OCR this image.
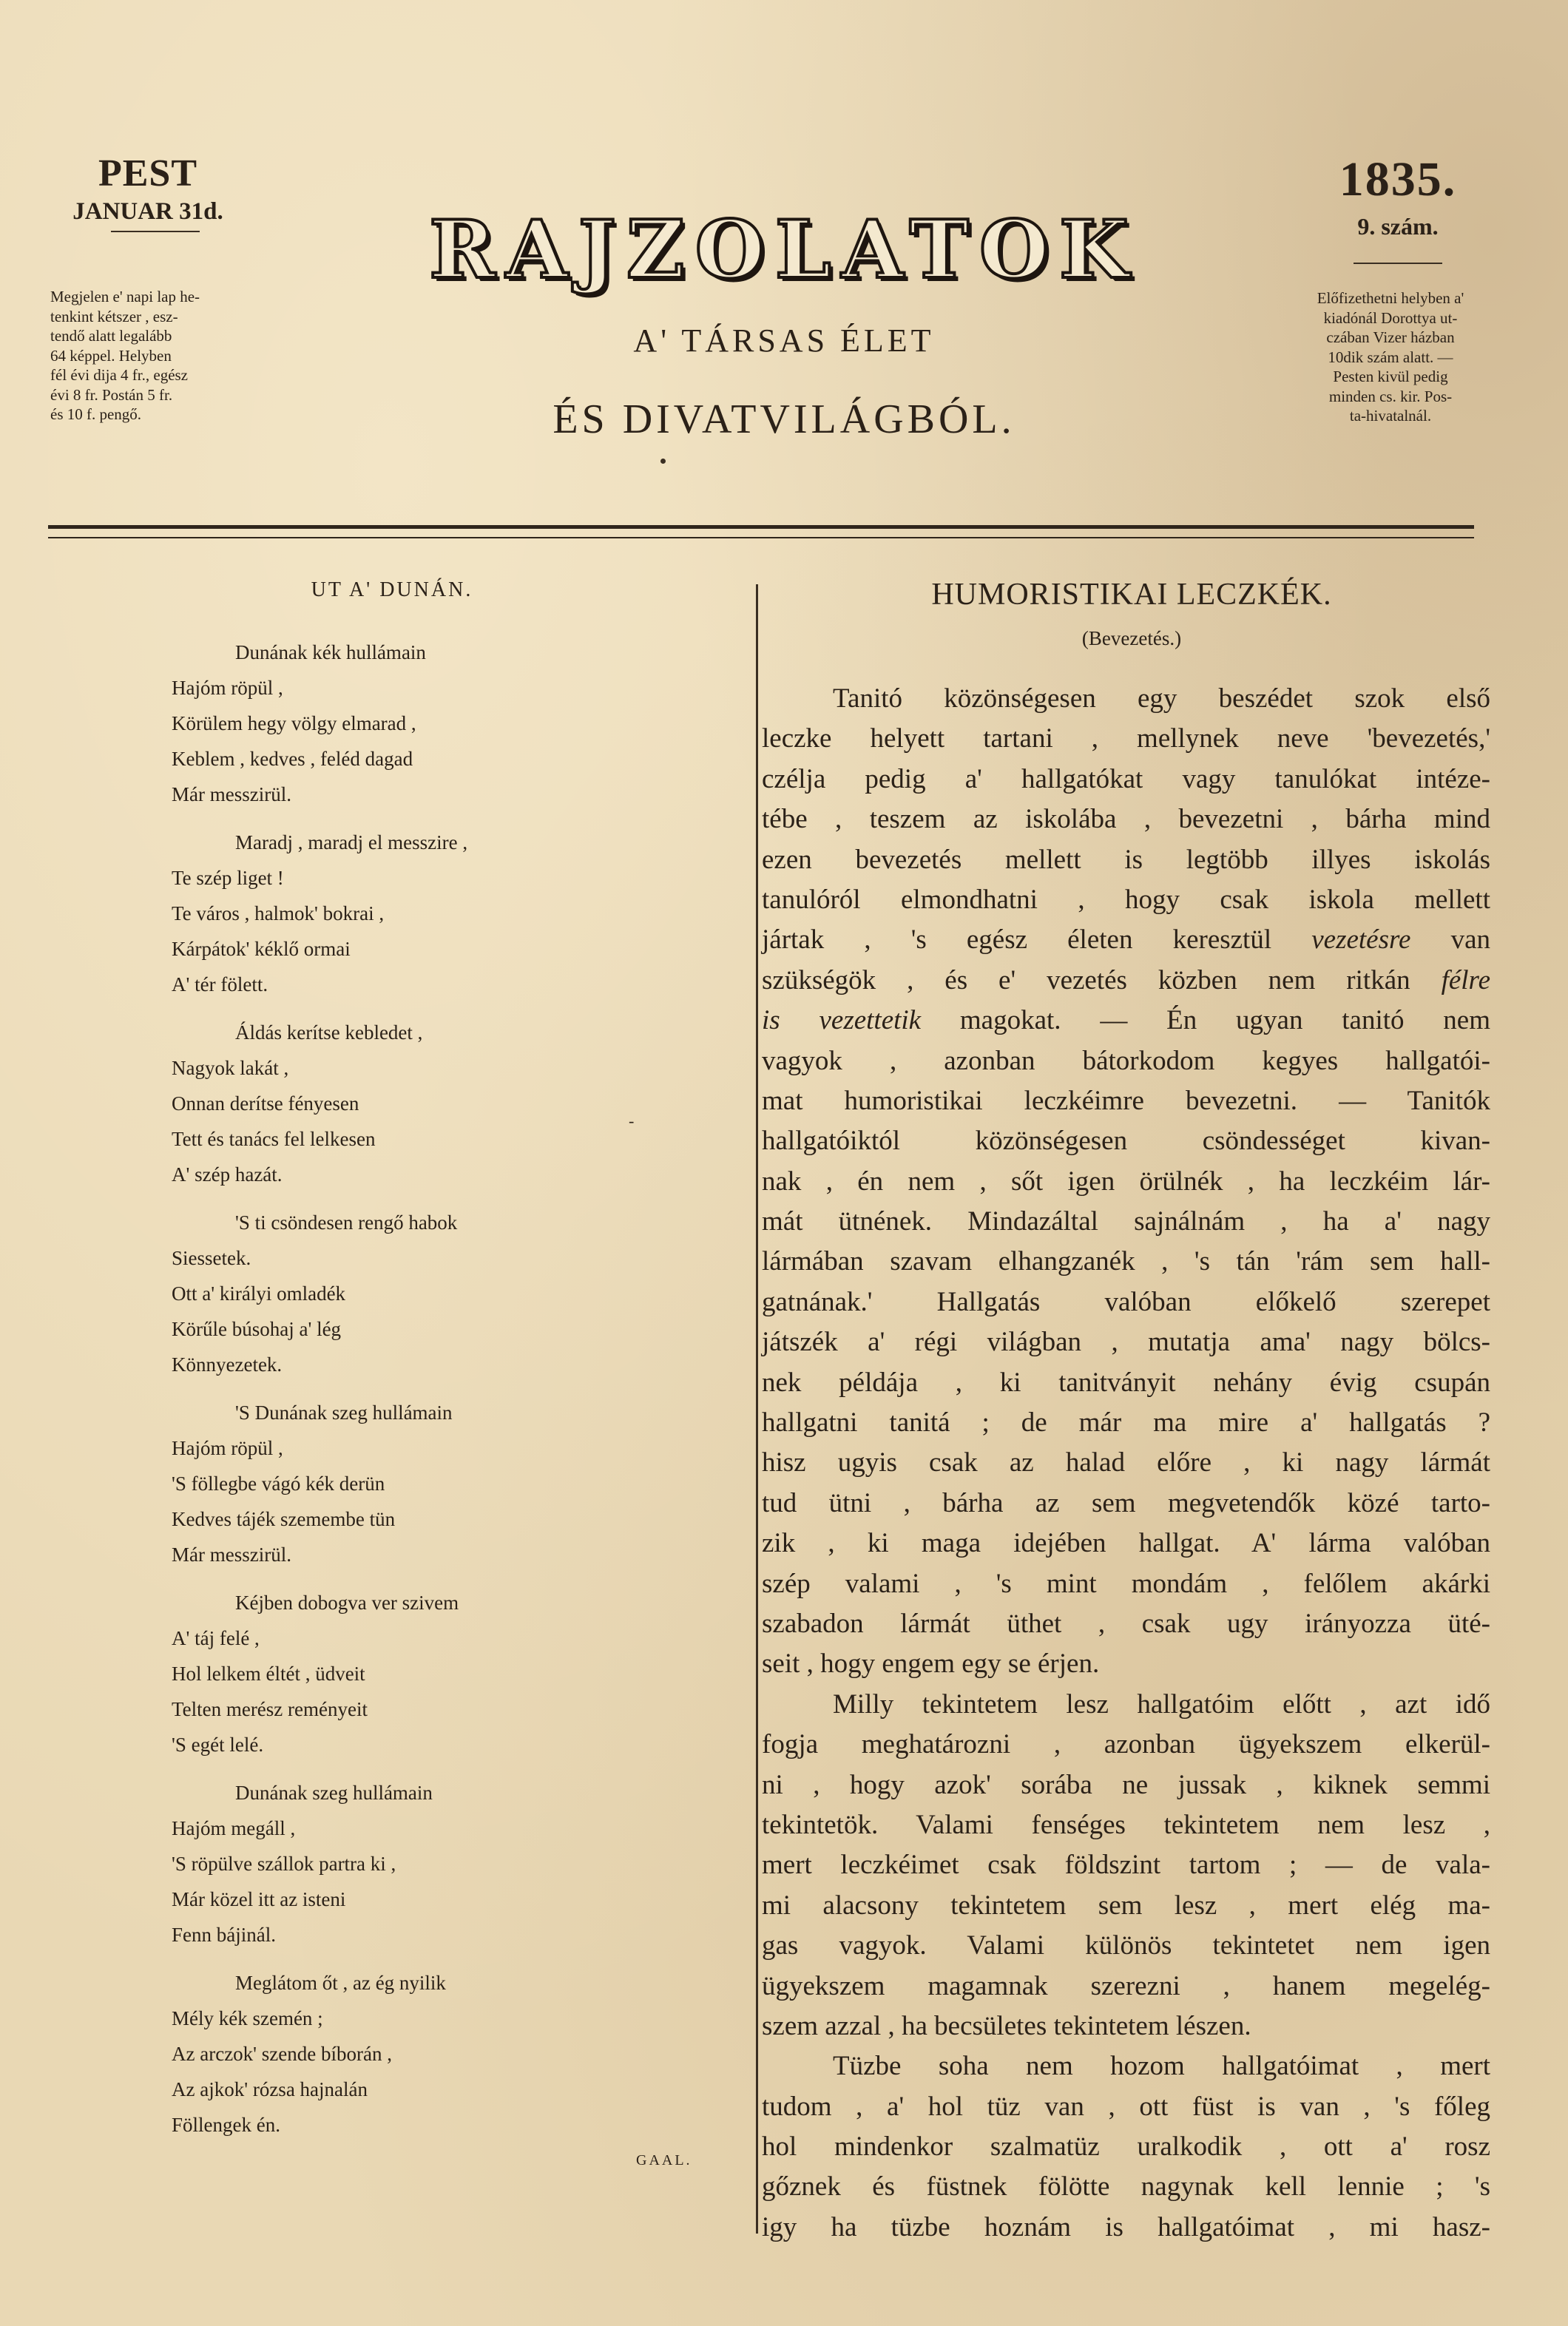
PEST
JANUAR 31d.
Megjelen e' napi lap he-
tenkint kétszer , esz-
tendő alatt legalább
64 képpel. Helyben
fél évi dija 4 fr., egész
évi 8 fr. Postán 5 fr.
és 10 f. pengő.
RAJZOLATOK
A' TÁRSAS ÉLET
ÉS DIVATVILÁGBÓL.
1835.
9. szám.
Előfizethetni helyben a'
kiadónál Dorottya ut-
czában Vizer házban
10dik szám alatt. —
Pesten kivül pedig
minden cs. kir. Pos-
ta-hivatalnál.
UT A' DUNÁN.
Dunának kék hullámain
Hajóm röpül ,
Körülem hegy völgy elmarad ,
Keblem , kedves , feléd dagad
Már messzirül.
Maradj , maradj el messzire ,
Te szép liget !
Te város , halmok' bokrai ,
Kárpátok' kéklő ormai
A' tér fölett.
Áldás kerítse kebledet ,
Nagyok lakát ,
Onnan derítse fényesen
Tett és tanács fel lelkesen
A' szép hazát.
'S ti csöndesen rengő habok
Siessetek.
Ott a' királyi omladék
Körűle búsohaj a' lég
Könnyezetek.
'S Dunának szeg hullámain
Hajóm röpül ,
'S föllegbe vágó kék derün
Kedves tájék szemembe tün
Már messzirül.
Kéjben dobogva ver szivem
A' táj felé ,
Hol lelkem éltét , üdveit
Telten merész reményeit
'S egét lelé.
Dunának szeg hullámain
Hajóm megáll ,
'S röpülve szállok partra ki ,
Már közel itt az isteni
Fenn bájinál.
Meglátom őt , az ég nyilik
Mély kék szemén ;
Az arczok' szende bíborán ,
Az ajkok' rózsa hajnalán
Föllengek én.
-
GAAL.
HUMORISTIKAI LECZKÉK.
(Bevezetés.)
Tanitó közönségesen egy beszédet szok első
leczke helyett tartani , mellynek neve 'bevezetés,'
czélja pedig a' hallgatókat vagy tanulókat intéze-
tébe , teszem az iskolába , bevezetni , bárha mind
ezen bevezetés mellett is legtöbb illyes iskolás
tanulóról elmondhatni , hogy csak iskola mellett
jártak , 's egész életen keresztül vezetésre van
szükségök , és e' vezetés közben nem ritkán félre
is vezettetik magokat. — Én ugyan tanitó nem
vagyok , azonban bátorkodom kegyes hallgatói-
mat humoristikai leczkéimre bevezetni. — Tanitók
hallgatóiktól közönségesen csöndességet kivan-
nak , én nem , sőt igen örülnék , ha leczkéim lár-
mát ütnének. Mindazáltal sajnálnám , ha a' nagy
lármában szavam elhangzanék , 's tán 'rám sem hall-
gatnának.' Hallgatás valóban előkelő szerepet
játszék a' régi világban , mutatja ama' nagy bölcs-
nek példája , ki tanitványit nehány évig csupán
hallgatni tanitá ; de már ma mire a' hallgatás ?
hisz ugyis csak az halad előre , ki nagy lármát
tud ütni , bárha az sem megvetendők közé tarto-
zik , ki maga idejében hallgat. A' lárma valóban
szép valami , 's mint mondám , felőlem akárki
szabadon lármát üthet , csak ugy irányozza üté-
seit , hogy engem egy se érjen.
Milly tekintetem lesz hallgatóim előtt , azt idő
fogja meghatározni , azonban ügyekszem elkerül-
ni , hogy azok' sorába ne jussak , kiknek semmi
tekintetök. Valami fenséges tekintetem nem lesz ,
mert leczkéimet csak földszint tartom ; — de vala-
mi alacsony tekintetem sem lesz , mert elég ma-
gas vagyok. Valami különös tekintetet nem igen
ügyekszem magamnak szerezni , hanem megelég-
szem azzal , ha becsületes tekintetem lészen.
Tüzbe soha nem hozom hallgatóimat , mert
tudom , a' hol tüz van , ott füst is van , 's főleg
hol mindenkor szalmatüz uralkodik , ott a' rosz
gőznek és füstnek fölötte nagynak kell lennie ; 's
igy ha tüzbe hoznám is hallgatóimat , mi hasz-
